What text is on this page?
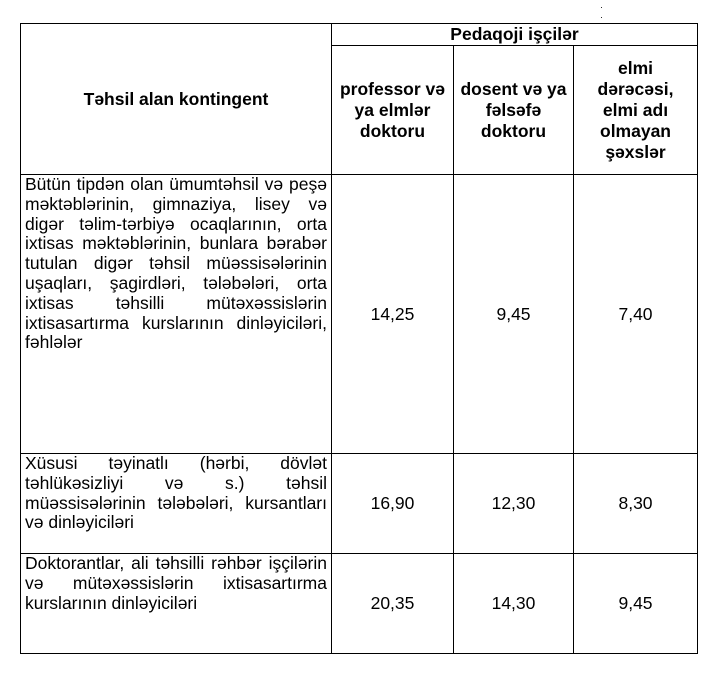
· ·
Təhsil alan kontingent	Pedaqoji işçilər		
	professor və ya elmlər doktoru	dosent və ya fəlsəfə doktoru	elmi dərəcəsi, elmi adı olmayan şəxslər
Bütün tipdən olan ümumtəhsil və peşə məktəblərinin, gimnaziya, lisey və digər təlim-tərbiyə ocaqlarının, orta ixtisas məktəblərinin, bunlara bərabər tutulan digər təhsil müəssisələrinin uşaqları, şagirdləri, tələbələri, orta ixtisas təhsilli mütəxəssislərin ixtisasartırma kurslarının dinləyiciləri, fəhlələr	14,25	9,45	7,40
Xüsusi təyinatlı (hərbi, dövlət təhlükəsizliyi və s.) təhsil müəssisələrinin tələbələri, kursantları və dinləyiciləri	16,90	12,30	8,30
Doktorantlar, ali təhsilli rəhbər işçilərin və mütəxəssislərin ixtisasartırma kurslarının dinləyiciləri	20,35	14,30	9,45
